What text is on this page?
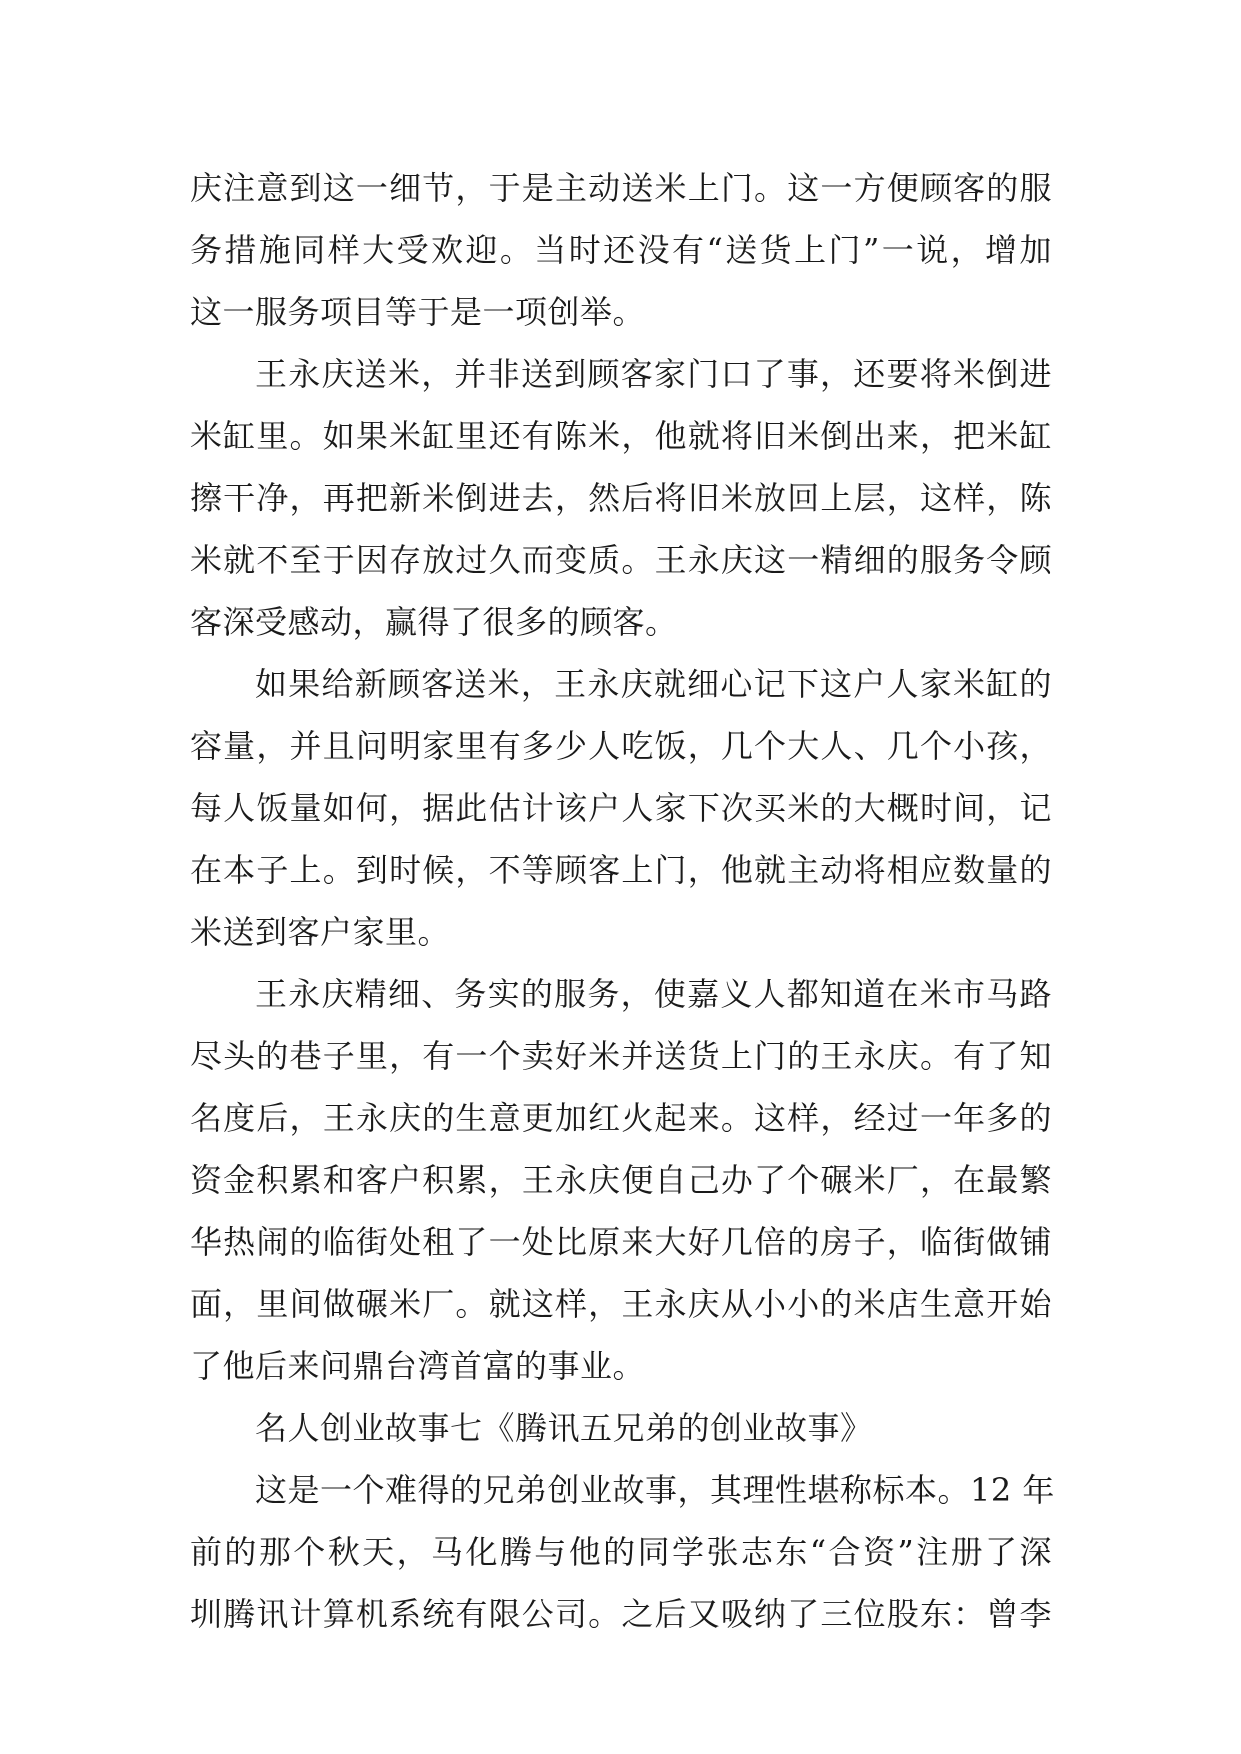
庆注意到这一细节，于是主动送米上门。这一方便顾客的服
务措施同样大受欢迎。当时还没有“送货上门”一说，增加
这一服务项目等于是一项创举。
王永庆送米，并非送到顾客家门口了事，还要将米倒进
米缸里。如果米缸里还有陈米，他就将旧米倒出来，把米缸
擦干净，再把新米倒进去，然后将旧米放回上层，这样，陈
米就不至于因存放过久而变质。王永庆这一精细的服务令顾
客深受感动，赢得了很多的顾客。
如果给新顾客送米，王永庆就细心记下这户人家米缸的
容量，并且问明家里有多少人吃饭，几个大人、几个小孩，
每人饭量如何，据此估计该户人家下次买米的大概时间，记
在本子上。到时候，不等顾客上门，他就主动将相应数量的
米送到客户家里。
王永庆精细、务实的服务，使嘉义人都知道在米市马路
尽头的巷子里，有一个卖好米并送货上门的王永庆。有了知
名度后，王永庆的生意更加红火起来。这样，经过一年多的
资金积累和客户积累，王永庆便自己办了个碾米厂，在最繁
华热闹的临街处租了一处比原来大好几倍的房子，临街做铺
面，里间做碾米厂。就这样，王永庆从小小的米店生意开始
了他后来问鼎台湾首富的事业。
名人创业故事七《腾讯五兄弟的创业故事》
这是一个难得的兄弟创业故事，其理性堪称标本。12 年
前的那个秋天，马化腾与他的同学张志东“合资”注册了深
圳腾讯计算机系统有限公司。之后又吸纳了三位股东：曾李
